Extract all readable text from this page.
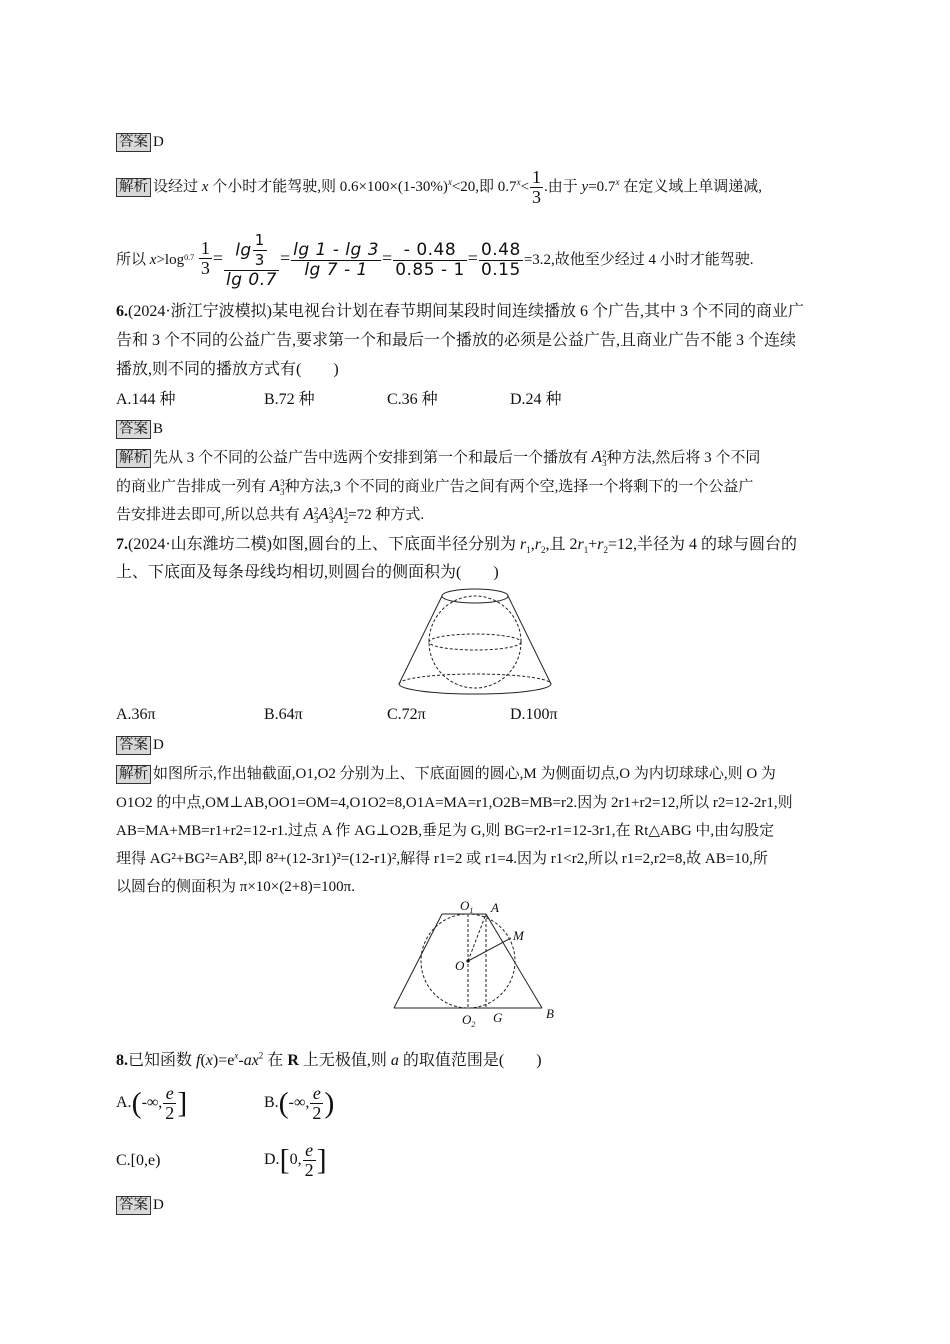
答案 D
解析 设经过 x 个小时才能驾驶,则 $0.6\times 100\times(1-30\%)^x<20$,即 $0.7^x< \frac{1}{3}$ .由于 $y=0.7^x$ 在定义域上单调递减,
所以 $x>\log_{0.7} \frac{1}{3} = \frac{\lg \frac{1}{3}}{\lg 0.7} = \frac{\lg 1 - \lg 3}{\lg 7 - 1} = \frac{- 0.48}{0.85 - 1} = \frac{0.48}{0.15} =3.2$,故他至少经过 4 小时才能驾驶.
6.(2024·浙江宁波模拟)某电视台计划在春节期间某段时间连续播放 6 个广告,其中 3 个不同的商业广
告和 3 个不同的公益广告,要求第一个和最后一个播放的必须是公益广告,且商业广告不能 3 个连续
播放,则不同的播放方式有(　　)
A.144 种	B.72 种	C.36 种	D.24 种
答案 B
解析 先从 3 个不同的公益广告中选两个安排到第一个和最后一个播放有 A 2
3 种方法,然后将 3 个不同
的商业广告排成一列有 A 3
3 种方法,3 个不同的商业广告之间有两个空,选择一个将剩下的一个公益广
告安排进去即可,所以总共有 A 2
3 A 3
3 A 1
2 =72 种方式.
7.(2024·山东潍坊二模)如图,圆台的上、下底面半径分别为 $r_1,r_2$,且 $2r_1+r_2=12$,半径为 4 的球与圆台的
上、下底面及每条母线均相切,则圆台的侧面积为(　　)
A.36π	B.64π	C.72π	D.100π
答案 D
解析 如图所示,作出轴截面,O1,O2 分别为上、下底面圆的圆心,M 为侧面切点,O 为内切球球心,则 O 为
O1O2 的中点,OM⊥AB,OO1=OM=4,O1O2=8,O1A=MA=r1,O2B=MB=r2.因为 2r1+r2=12,所以 r2=12-2r1,则
AB=MA+MB=r1+r2=12-r1.过点 A 作 AG⊥O2B,垂足为 G,则 BG=r2-r1=12-3r1,在 Rt△ABG 中,由勾股定
理得 AG²+BG²=AB²,即 8²+(12-3r1)²=(12-r1)²,解得 r1=2 或 r1=4.因为 r1<r2,所以 r1=2,r2=8,故 AB=10,所
以圆台的侧面积为 π×10×(2+8)=100π.
$O_1$ A
M
O
$O_2$ G	B
8.已知函数 $f(x)=e^x-ax^2$ 在 R 上无极值,则 a 的取值范围是(　　)
A.(-∞, $\frac{e}{2}$ ]	B.(-∞, $\frac{e}{2}$ )
C.[0,e)	D.[0, $\frac{e}{2}$ ]
答案 D
